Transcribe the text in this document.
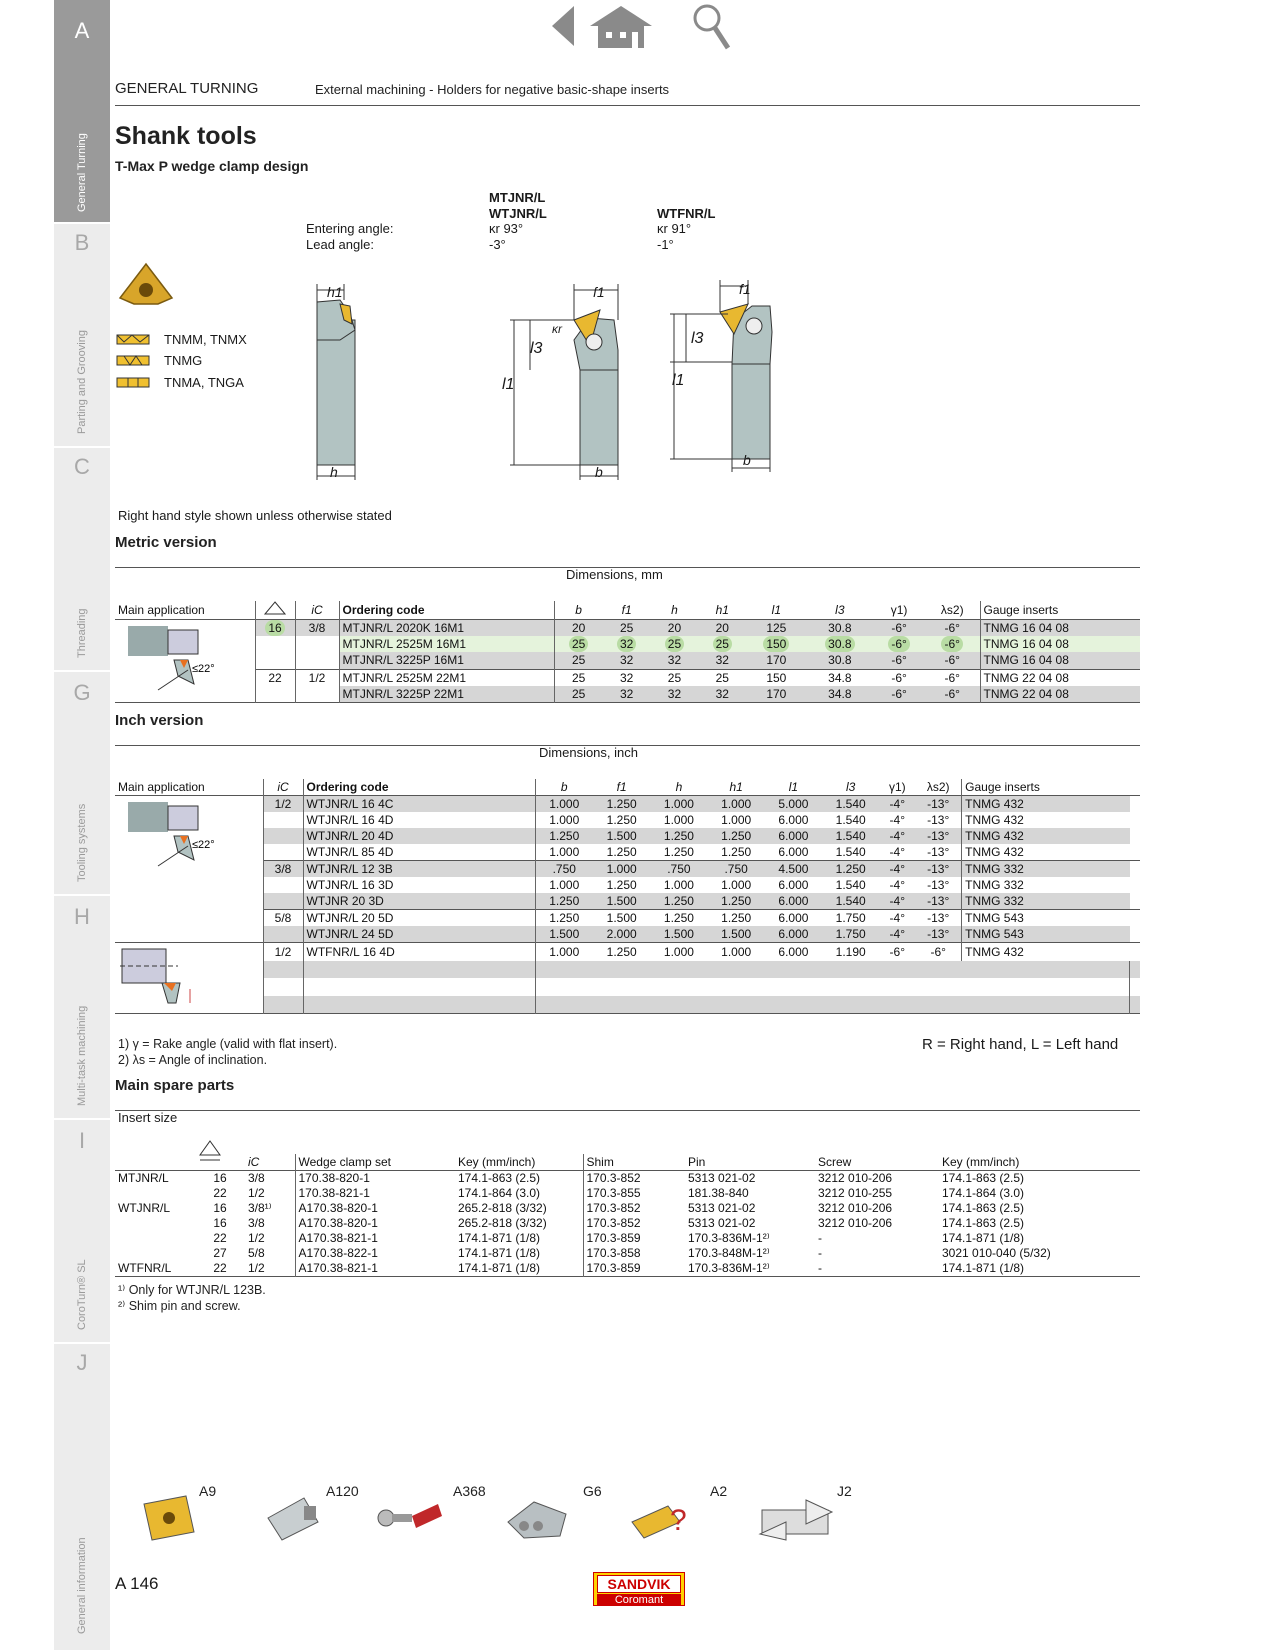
A
General Turning
B
Parting and Grooving
C
Threading
G
Tooling systems
H
Multi-task machining
I
CoroTurn® SL
J
General information
GENERAL TURNING	External machining - Holders for negative basic-shape inserts
Shank tools
T-Max P wedge clamp design
Entering angle:
Lead angle:
MTJNR/L
WTJNR/L
κr 93°
-3°
WTFNR/L
κr 91°
-1°
TNMM, TNMX
TNMG
TNMA, TNGA
h1
h
f1
κr
l3
l1
b
f1
l3
l1
b
Right hand style shown unless otherwise stated
Metric version
Dimensions, mm
Main application		iC	Ordering code	b	f1	h	h1	l1	l3	γ1)	λs2)	Gauge inserts

≤22°	16	3/8	MTJNR/L 2020K 16M1	20	25	20	20	125	30.8	-6°	-6°	TNMG 16 04 08
			MTJNR/L 2525M 16M1	25	32	25	25	150	30.8	-6°	-6°	TNMG 16 04 08
			MTJNR/L 3225P 16M1	25	32	32	32	170	30.8	-6°	-6°	TNMG 16 04 08
	22	1/2	MTJNR/L 2525M 22M1	25	32	25	25	150	34.8	-6°	-6°	TNMG 22 04 08
			MTJNR/L 3225P 22M1	25	32	32	32	170	34.8	-6°	-6°	TNMG 22 04 08
Inch version
Dimensions, inch
Main application	iC	Ordering code	b	f1	h	h1	l1	l3	γ1)	λs2)	Gauge inserts	

≤22°	1/2	WTJNR/L 16 4C	1.000	1.250	1.000	1.000	5.000	1.540	-4°	-13°	TNMG 432	
		WTJNR/L 16 4D	1.000	1.250	1.000	1.000	6.000	1.540	-4°	-13°	TNMG 432	
		WTJNR/L 20 4D	1.250	1.500	1.250	1.250	6.000	1.540	-4°	-13°	TNMG 432	
		WTJNR/L 85 4D	1.000	1.250	1.250	1.250	6.000	1.540	-4°	-13°	TNMG 432	
	3/8	WTJNR/L 12 3B	.750	1.000	.750	.750	4.500	1.250	-4°	-13°	TNMG 332	
		WTJNR/L 16 3D	1.000	1.250	1.000	1.000	6.000	1.540	-4°	-13°	TNMG 332	
		WTJNR 20 3D	1.250	1.500	1.250	1.250	6.000	1.540	-4°	-13°	TNMG 332	
	5/8	WTJNR/L 20 5D	1.250	1.500	1.250	1.250	6.000	1.750	-4°	-13°	TNMG 543	
		WTJNR/L 24 5D	1.500	2.000	1.500	1.500	6.000	1.750	-4°	-13°	TNMG 543	
	1/2	WTFNR/L 16 4D	1.000	1.250	1.000	1.000	6.000	1.190	-6°	-6°	TNMG 432	

1) γ = Rake angle (valid with flat insert).
2) λs = Angle of inclination.
R = Right hand, L = Left hand
Main spare parts
Insert size
		iC	Wedge clamp set	Key (mm/inch)	Shim	Pin	Screw	Key (mm/inch)
MTJNR/L	16	3/8	170.38-820-1	174.1-863 (2.5)	170.3-852	5313 021-02	3212 010-206	174.1-863 (2.5)
	22	1/2	170.38-821-1	174.1-864 (3.0)	170.3-855	181.38-840	3212 010-255	174.1-864 (3.0)
WTJNR/L	16	3/8¹⁾	A170.38-820-1	265.2-818 (3/32)	170.3-852	5313 021-02	3212 010-206	174.1-863 (2.5)
	16	3/8	A170.38-820-1	265.2-818 (3/32)	170.3-852	5313 021-02	3212 010-206	174.1-863 (2.5)
	22	1/2	A170.38-821-1	174.1-871 (1/8)	170.3-859	170.3-836M-1²⁾	-	174.1-871 (1/8)
	27	5/8	A170.38-822-1	174.1-871 (1/8)	170.3-858	170.3-848M-1²⁾	-	3021 010-040 (5/32)
WTFNR/L	22	1/2	A170.38-821-1	174.1-871 (1/8)	170.3-859	170.3-836M-1²⁾	-	174.1-871 (1/8)
¹⁾ Only for WTJNR/L 123B.
²⁾ Shim pin and screw.
A9	A120	A368	G6
?
A2	J2
A 146	SANDVIK
Coromant
